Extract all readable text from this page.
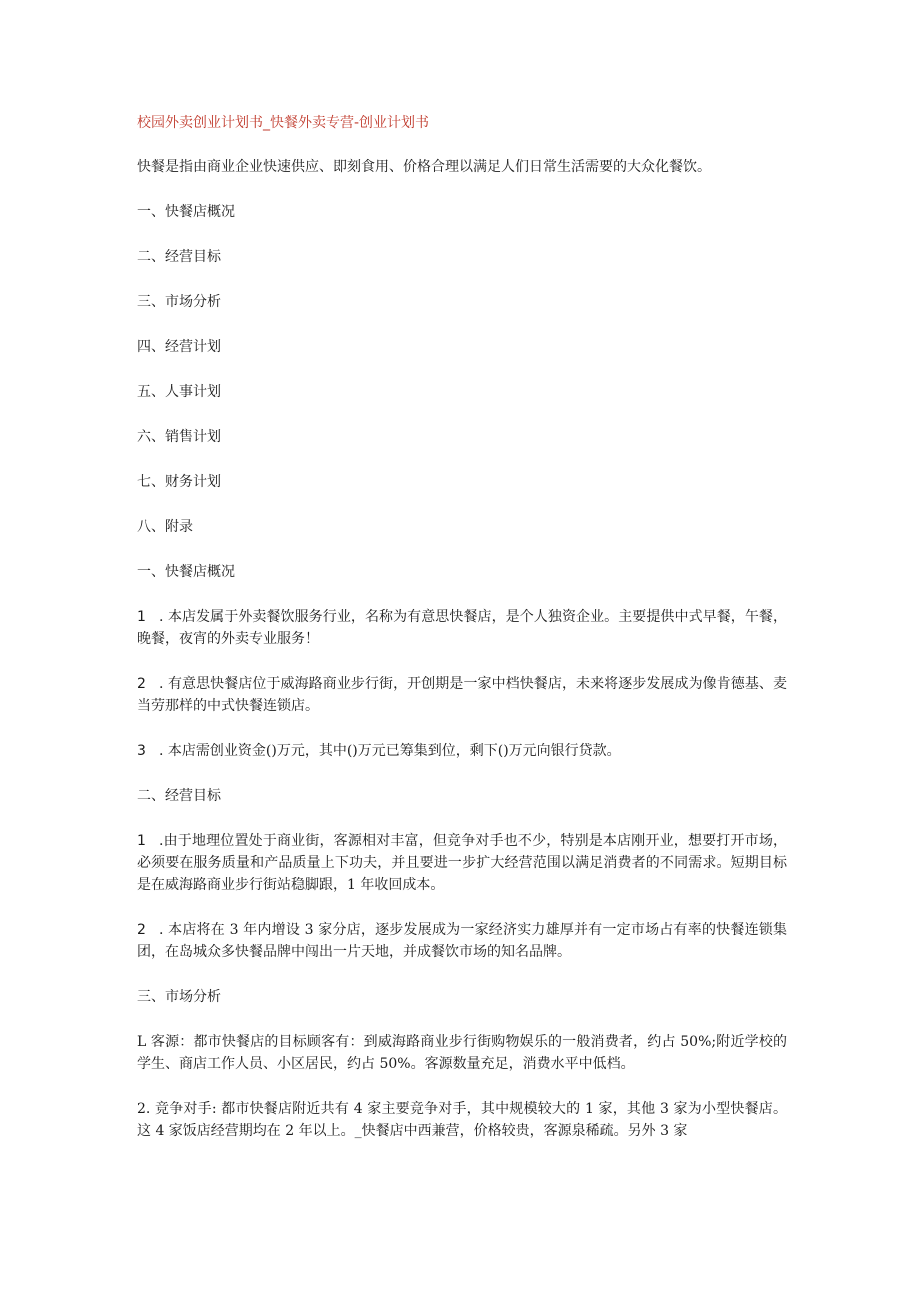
校园外卖创业计划书_快餐外卖专营-创业计划书

快餐是指由商业企业快速供应、即刻食用、价格合理以满足人们日常生活需要的大众化餐饮。

一、快餐店概况

二、经营目标

三、市场分析

四、经营计划

五、人事计划

六、销售计划

七、财务计划

八、附录

一、快餐店概况

1 . 本店发属于外卖餐饮服务行业，名称为有意思快餐店，是个人独资企业。主要提供中式早餐，午餐，晚餐，夜宵的外卖专业服务！

2 . 有意思快餐店位于威海路商业步行街，开创期是一家中档快餐店，未来将逐步发展成为像肯德基、麦当劳那样的中式快餐连锁店。

3 . 本店需创业资金()万元，其中()万元已筹集到位，剩下()万元向银行贷款。

二、经营目标

1 .由于地理位置处于商业街，客源相对丰富，但竞争对手也不少，特别是本店刚开业，想要打开市场，必须要在服务质量和产品质量上下功夫，并且要进一步扩大经营范围以满足消费者的不同需求。短期目标是在威海路商业步行街站稳脚跟，1 年收回成本。

2 . 本店将在 3 年内增设 3 家分店，逐步发展成为一家经济实力雄厚并有一定市场占有率的快餐连锁集团，在岛城众多快餐品牌中闯出一片天地，并成餐饮市场的知名品牌。

三、市场分析

L 客源：都市快餐店的目标顾客有：到威海路商业步行街购物娱乐的一般消费者，约占 50%;附近学校的学生、商店工作人员、小区居民，约占 50%。客源数量充足，消费水平中低档。

2. 竞争对手: 都市快餐店附近共有 4 家主要竞争对手，其中规模较大的 1 家，其他 3 家为小型快餐店。这 4 家饭店经营期均在 2 年以上。_快餐店中西兼营，价格较贵，客源泉稀疏。另外 3 家
